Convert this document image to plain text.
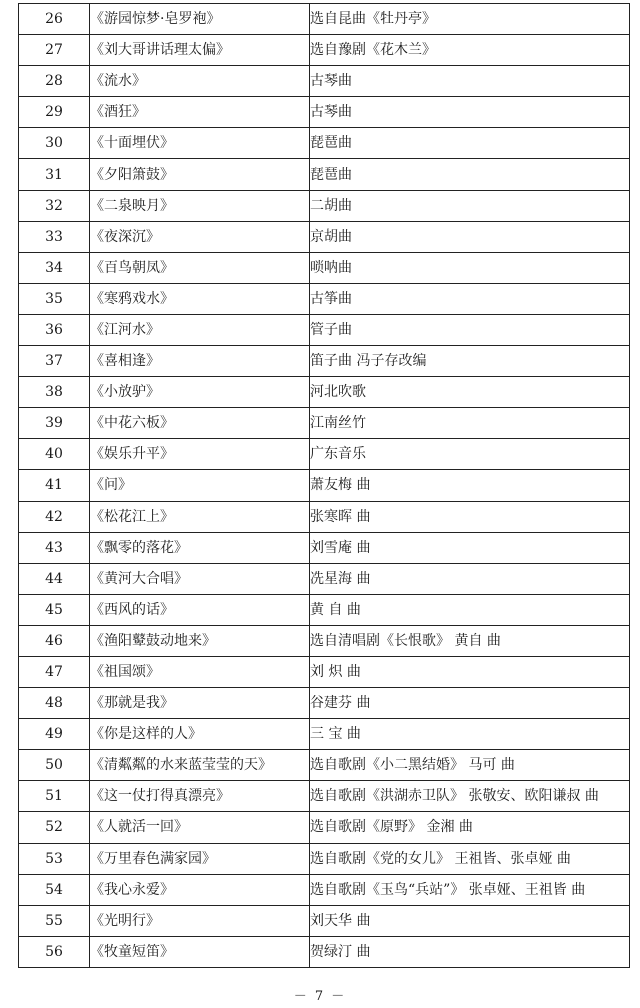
26	《游园惊梦·皂罗袍》	选自昆曲《牡丹亭》
27	《刘大哥讲话理太偏》	选自豫剧《花木兰》
28	《流水》	古琴曲
29	《酒狂》	古琴曲
30	《十面埋伏》	琵琶曲
31	《夕阳箫鼓》	琵琶曲
32	《二泉映月》	二胡曲
33	《夜深沉》	京胡曲
34	《百鸟朝凤》	唢呐曲
35	《寒鸦戏水》	古筝曲
36	《江河水》	管子曲
37	《喜相逢》	笛子曲 冯子存改编
38	《小放驴》	河北吹歌
39	《中花六板》	江南丝竹
40	《娱乐升平》	广东音乐
41	《问》	萧友梅 曲
42	《松花江上》	张寒晖 曲
43	《飘零的落花》	刘雪庵 曲
44	《黄河大合唱》	冼星海 曲
45	《西风的话》	黄 自 曲
46	《渔阳鼙鼓动地来》	选自清唱剧《长恨歌》 黄自 曲
47	《祖国颂》	刘 炽 曲
48	《那就是我》	谷建芬 曲
49	《你是这样的人》	三 宝 曲
50	《清粼粼的水来蓝莹莹的天》	选自歌剧《小二黑结婚》 马可 曲
51	《这一仗打得真漂亮》	选自歌剧《洪湖赤卫队》 张敬安、欧阳谦叔 曲
52	《人就活一回》	选自歌剧《原野》 金湘 曲
53	《万里春色满家园》	选自歌剧《党的女儿》 王祖皆、张卓娅 曲
54	《我心永爱》	选自歌剧《玉鸟“兵站”》 张卓娅、王祖皆 曲
55	《光明行》	刘天华 曲
56	《牧童短笛》	贺绿汀 曲
－ 7 －
